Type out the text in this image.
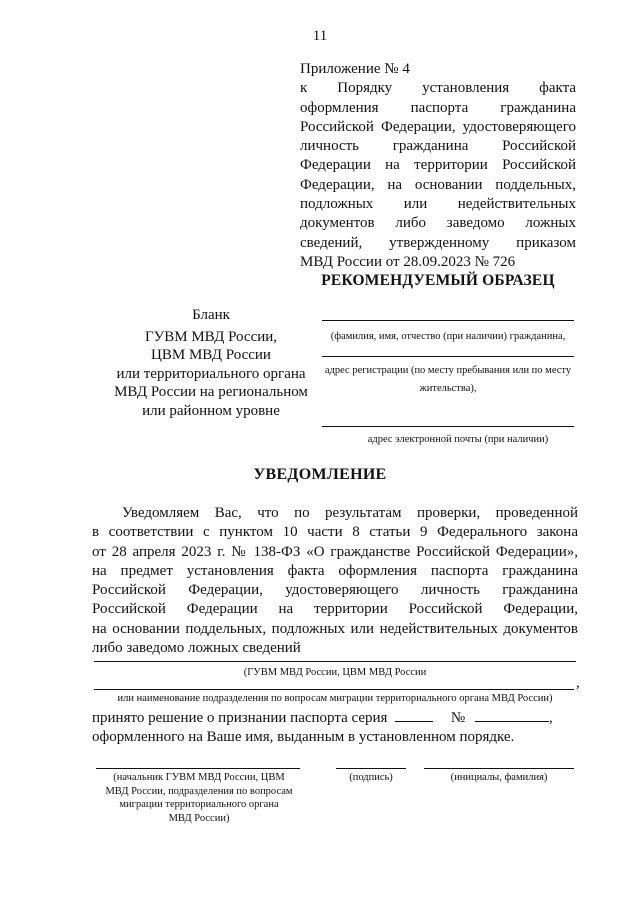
11
Приложение № 4
к Порядку установления факта
оформления паспорта гражданина
Российской Федерации, удостоверяющего
личность гражданина Российской
Федерации на территории Российской
Федерации, на основании поддельных,
подложных или недействительных
документов либо заведомо ложных
сведений, утвержденному приказом
МВД России от 28.09.2023 № 726
РЕКОМЕНДУЕМЫЙ ОБРАЗЕЦ
Бланк
ГУВМ МВД России,
ЦВМ МВД России
или территориального органа
МВД России на региональном
или районном уровне
(фамилия, имя, отчество (при наличии) гражданина,
адрес регистрации (по месту пребывания или по месту
жительства),
адрес электронной почты (при наличии)
УВЕДОМЛЕНИЕ
Уведомляем Вас, что по результатам проверки, проведенной
в соответствии с пунктом 10 части 8 статьи 9 Федерального закона
от 28 апреля 2023 г. № 138-ФЗ «О гражданстве Российской Федерации»,
на предмет установления факта оформления паспорта гражданина
Российской Федерации, удостоверяющего личность гражданина
Российской Федерации на территории Российской Федерации,
на основании поддельных, подложных или недействительных документов
либо заведомо ложных сведений
(ГУВМ МВД России, ЦВМ МВД России
,
или наименование подразделения по вопросам миграции территориального органа МВД России)
принято решение о признании паспорта серия	№	,
оформленного на Ваше имя, выданным в установленном порядке.
(начальник ГУВМ МВД России, ЦВМ
МВД России, подразделения по вопросам
миграции территориального органа
МВД России)
(подпись)	(инициалы, фамилия)
